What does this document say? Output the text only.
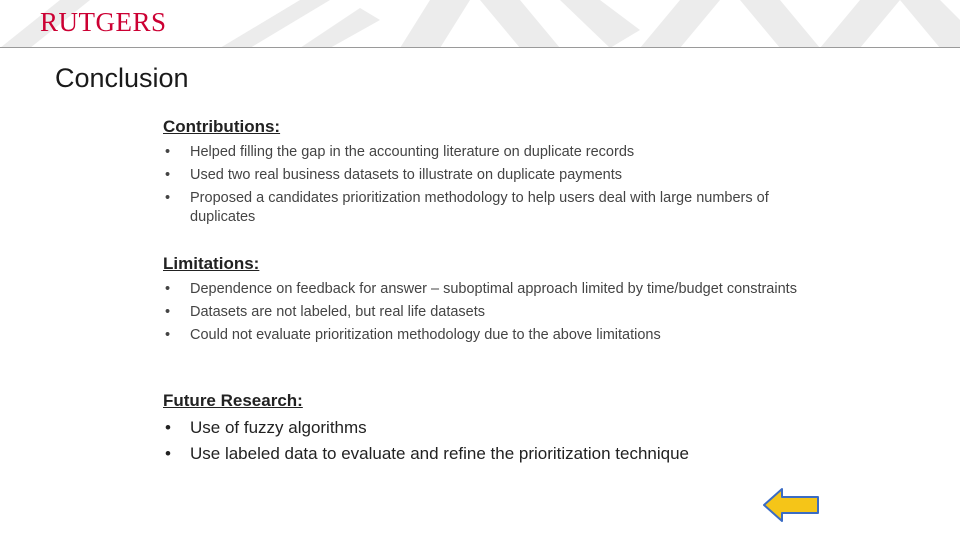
RUTGERS
Conclusion
Contributions:
• Helped filling the gap in the accounting literature on duplicate records
• Used two real business datasets to illustrate on duplicate payments
• Proposed a candidates prioritization methodology to help users deal with large numbers of duplicates
Limitations:
• Dependence on feedback for answer – suboptimal approach limited by time/budget constraints
• Datasets are not labeled, but real life datasets
• Could not evaluate prioritization methodology due to the above limitations
Future Research:
• Use of fuzzy algorithms
• Use labeled data to evaluate and refine the prioritization technique
